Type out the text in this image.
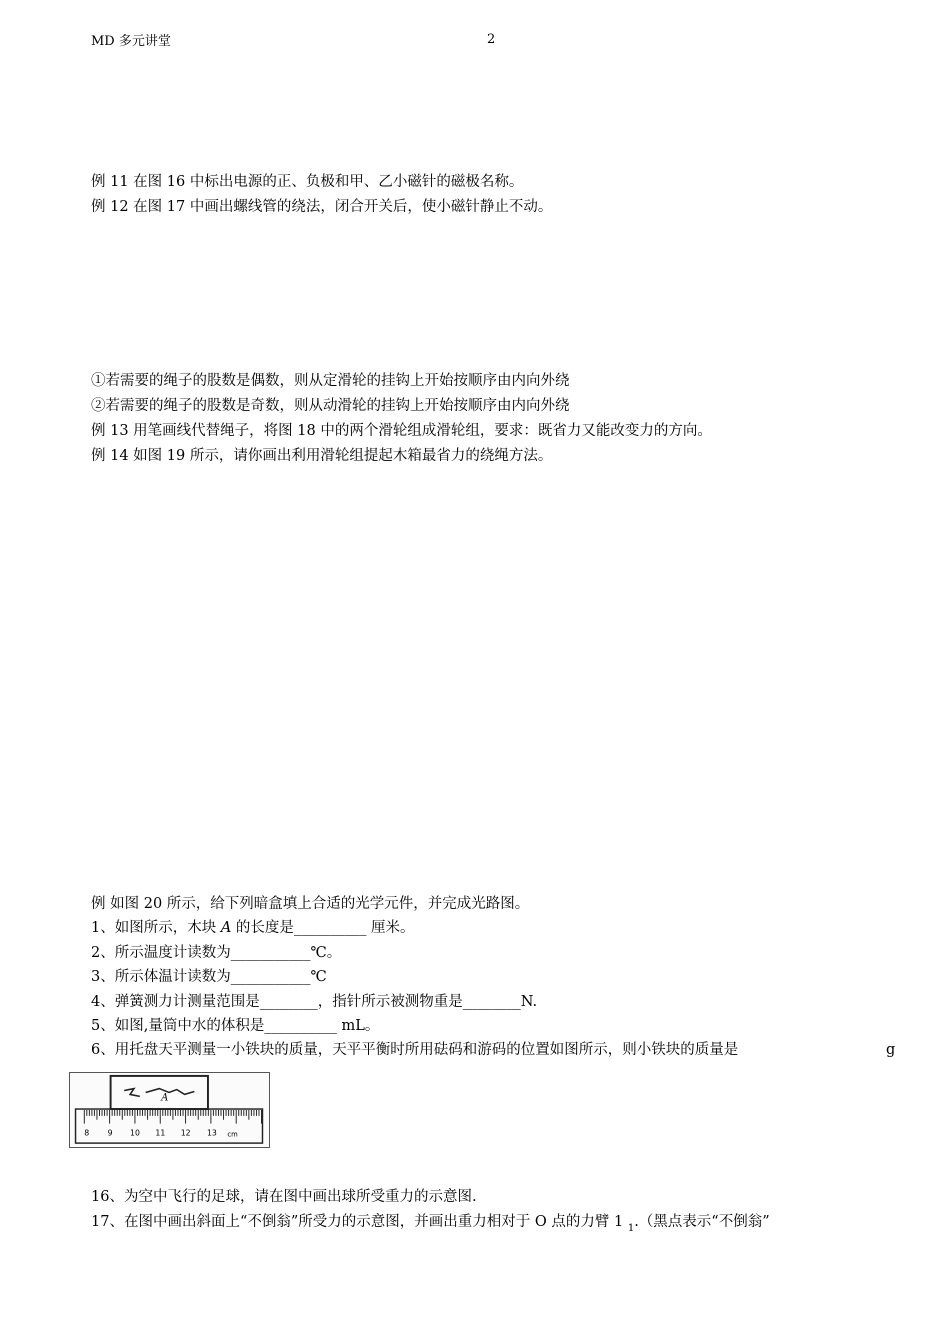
MD 多元讲堂	2
例 11 在图 16 中标出电源的正、负极和甲、乙小磁针的磁极名称。
例 12 在图 17 中画出螺线管的绕法，闭合开关后，使小磁针静止不动。
①若需要的绳子的股数是偶数，则从定滑轮的挂钩上开始按顺序由内向外绕
②若需要的绳子的股数是奇数，则从动滑轮的挂钩上开始按顺序由内向外绕
例 13 用笔画线代替绳子，将图 18 中的两个滑轮组成滑轮组，要求：既省力又能改变力的方向。
例 14 如图 19 所示，请你画出利用滑轮组提起木箱最省力的绕绳方法。
例 如图 20 所示，给下列暗盒填上合适的光学元件，并完成光路图。
1、如图所示，木块 A 的长度是__________ 厘米。
2、所示温度计读数为___________℃。
3、所示体温计读数为___________℃
4、弹簧测力计测量范围是________，指针所示被测物重是________N.
5、如图,量筒中水的体积是__________ mL。
6、用托盘天平测量一小铁块的质量，天平平衡时所用砝码和游码的位置如图所示，则小铁块的质量是	g
A
8 9 10 11 12 13 cm
16、为空中飞行的足球，请在图中画出球所受重力的示意图.
17、在图中画出斜面上“不倒翁”所受力的示意图，并画出重力相对于 O 点的力臂 1 $_1$.（黑点表示“不倒翁”
